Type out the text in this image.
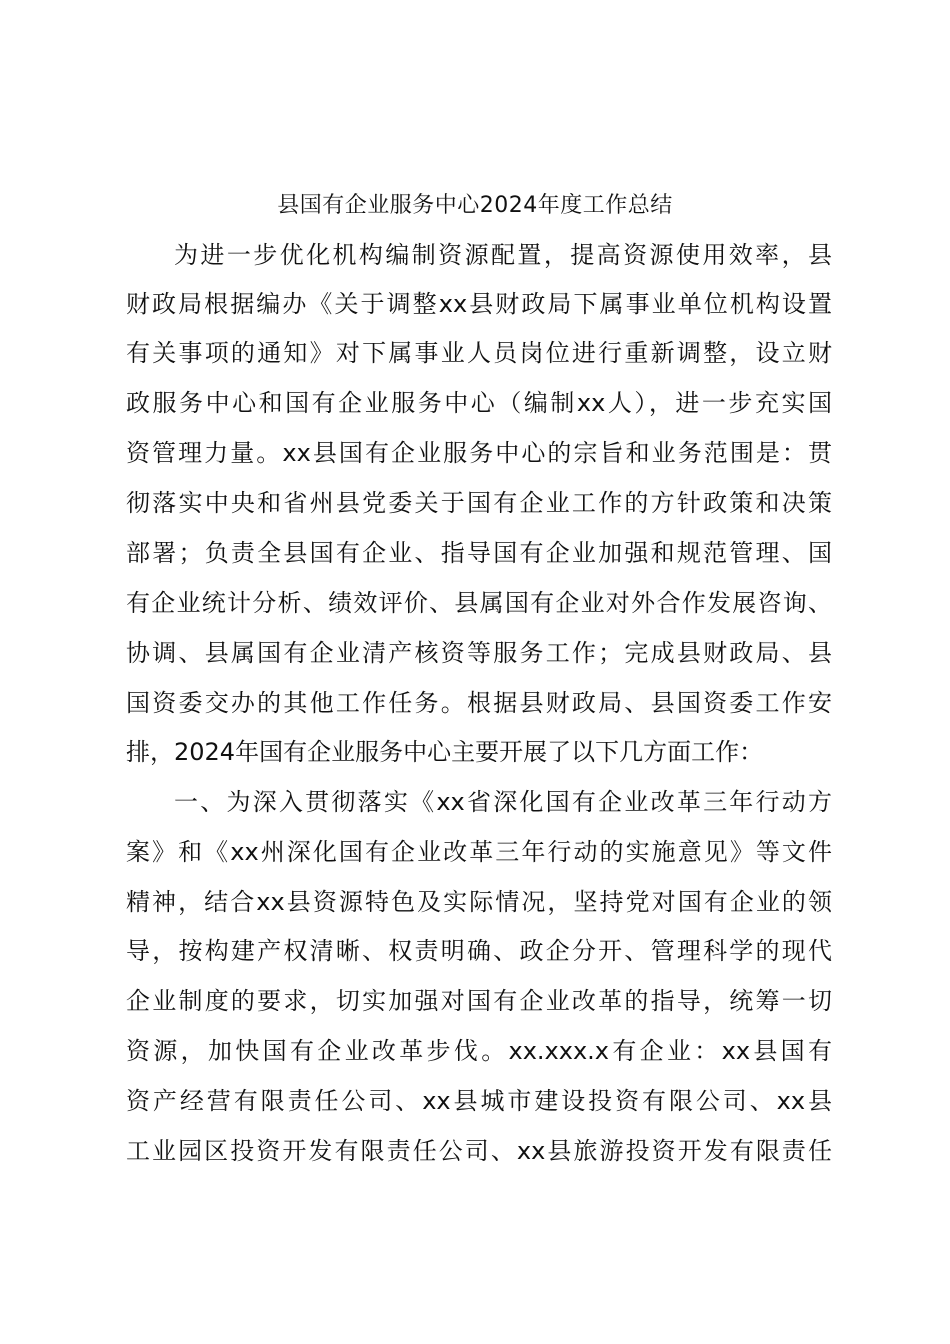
县国有企业服务中心2024年度工作总结
为进一步优化机构编制资源配置，提高资源使用效率，县
财政局根据编办《关于调整xx县财政局下属事业单位机构设置
有关事项的通知》对下属事业人员岗位进行重新调整，设立财
政服务中心和国有企业服务中心（编制xx人），进一步充实国
资管理力量。xx县国有企业服务中心的宗旨和业务范围是：贯
彻落实中央和省州县党委关于国有企业工作的方针政策和决策
部署；负责全县国有企业、指导国有企业加强和规范管理、国
有企业统计分析、绩效评价、县属国有企业对外合作发展咨询、
协调、县属国有企业清产核资等服务工作；完成县财政局、县
国资委交办的其他工作任务。根据县财政局、县国资委工作安
排，2024年国有企业服务中心主要开展了以下几方面工作：
一、为深入贯彻落实《xx省深化国有企业改革三年行动方
案》和《xx州深化国有企业改革三年行动的实施意见》等文件
精神，结合xx县资源特色及实际情况，坚持党对国有企业的领
导，按构建产权清晰、权责明确、政企分开、管理科学的现代
企业制度的要求，切实加强对国有企业改革的指导，统筹一切
资源，加快国有企业改革步伐。xx.xxx.x有企业：xx县国有
资产经营有限责任公司、xx县城市建设投资有限公司、xx县
工业园区投资开发有限责任公司、xx县旅游投资开发有限责任
